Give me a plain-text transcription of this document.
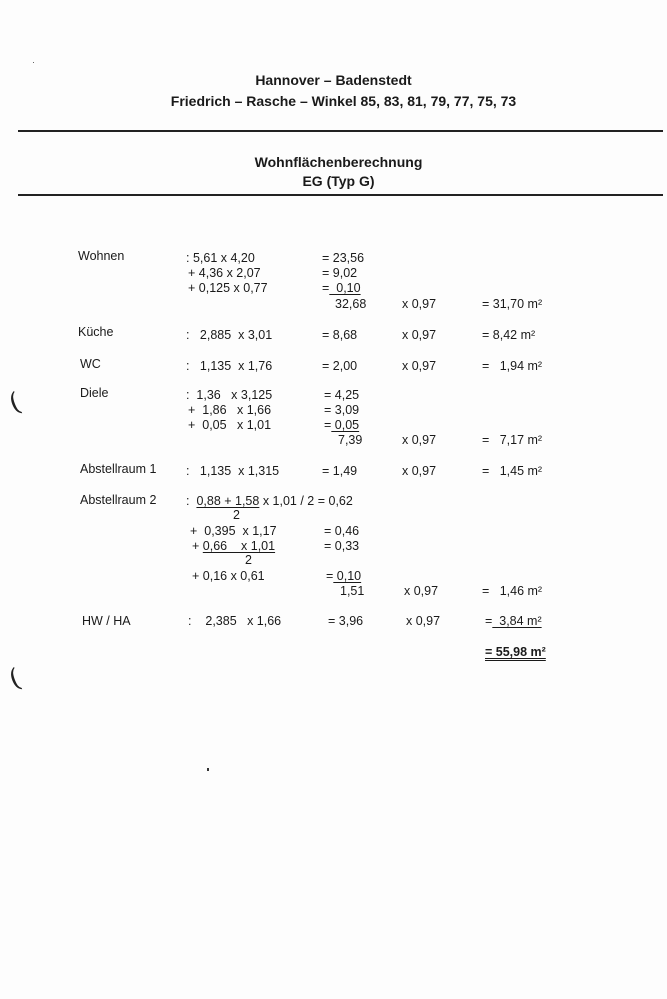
Hannover – Badenstedt
Friedrich – Rasche – Winkel 85, 83, 81, 79, 77, 75, 73
Wohnflächenberechnung
EG (Typ G)
Wohnen	: 5,61 x 4,20	= 23,56
+ 4,36 x 2,07	= 9,02
+ 0,125 x 0,77	=  0,10
32,68	x 0,97	= 31,70 m²
Küche	:   2,885  x 3,01	= 8,68	x 0,97	= 8,42 m²
WC	:   1,135  x 1,76	= 2,00	x 0,97	=   1,94 m²
Diele	:  1,36   x 3,125	= 4,25
+  1,86   x 1,66	= 3,09
+  0,05   x 1,01	= 0,05
7,39	x 0,97	=   7,17 m²
Abstellraum 1 :   1,135  x 1,315	= 1,49	x 0,97	=   1,45 m²
Abstellraum 2 : 0,88 + 1,58 x 1,01 / 2 = 0,62
2
+  0,395  x 1,17	= 0,46
+ 0,66    x 1,01	= 0,33
2
+ 0,16 x 0,61	= 0,10
1,51	x 0,97	=   1,46 m²
HW / HA	:    2,385   x 1,66	= 3,96	x 0,97	=  3,84 m²
= 55,98 m²
(
(
